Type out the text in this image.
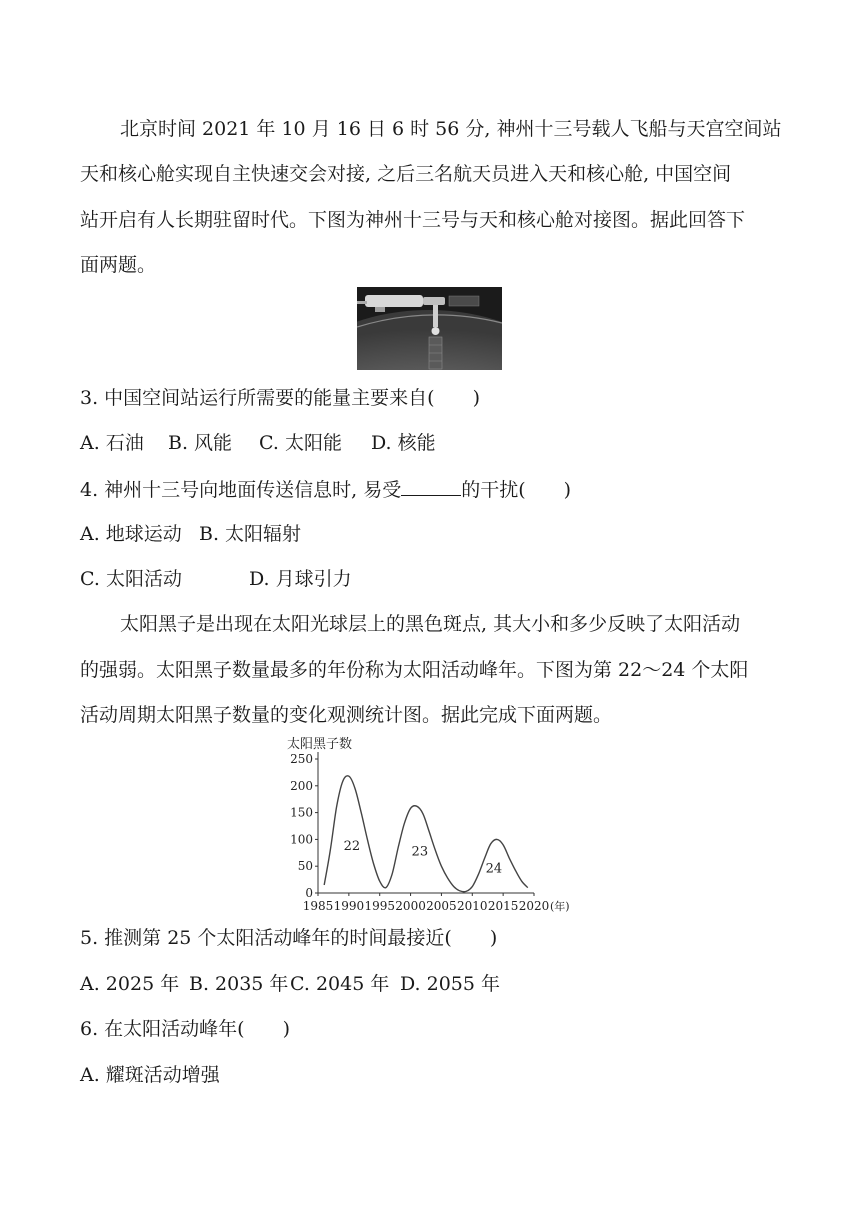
北京时间 2021 年 10 月 16 日 6 时 56 分, 神州十三号载人飞船与天宫空间站
天和核心舱实现自主快速交会对接, 之后三名航天员进入天和核心舱, 中国空间
站开启有人长期驻留时代。下图为神州十三号与天和核心舱对接图。据此回答下
面两题。
3. 中国空间站运行所需要的能量主要来自(　　)
A. 石油 B. 风能 C. 太阳能 D. 核能
4. 神州十三号向地面传送信息时, 易受	的干扰(　　)
A. 地球运动 B. 太阳辐射
C. 太阳活动	D. 月球引力
太阳黑子是出现在太阳光球层上的黑色斑点, 其大小和多少反映了太阳活动
的强弱。太阳黑子数量最多的年份称为太阳活动峰年。下图为第 22～24 个太阳
活动周期太阳黑子数量的变化观测统计图。据此完成下面两题。
太阳黑子数
0
50
100
150
200
250
1985 1990 1995 2000 2005 2010 2015 2020
22	23
24
(年)
5. 推测第 25 个太阳活动峰年的时间最接近(　　)
A. 2025 年 B. 2035 年 C. 2045 年 D. 2055 年
6. 在太阳活动峰年(　　)
A. 耀斑活动增强
